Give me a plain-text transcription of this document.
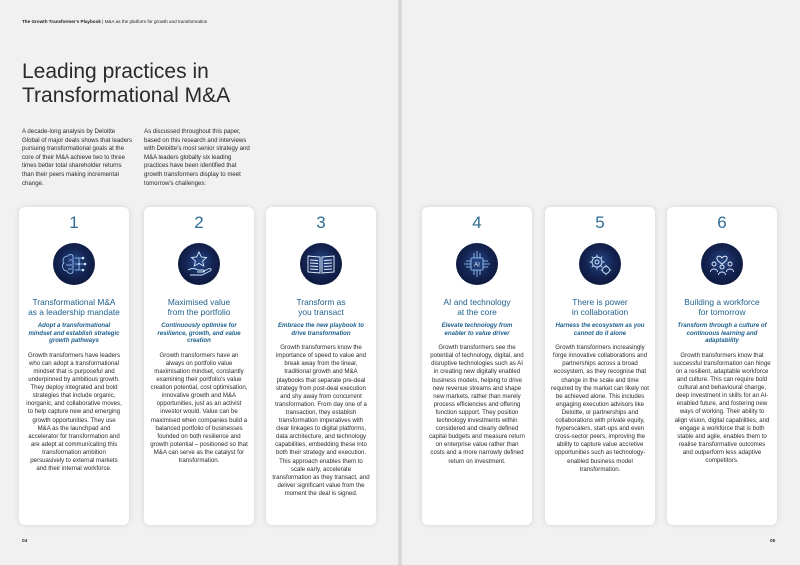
The Growth Transformer's Playbook | M&A as the platform for growth and transformation
Leading practices in
Transformational M&A

A decade-long analysis by Deloitte Global of major deals shows that leaders pursuing transformational goals at the core of their M&A achieve two to three times better total shareholder returns than their peers making incremental change.

As discussed throughout this paper, based on this research and interviews with Deloitte's most senior strategy and M&A leaders globally six leading practices have been identified that growth transformers display to meet tomorrow's challenges:

1
Transformational M&A
as a leadership mandate
Adopt a transformational mindset and establish strategic growth pathways
Growth transformers have leaders who can adopt a transformational mindset that is purposeful and underpinned by ambitious growth. They deploy integrated and bold strategies that include organic, inorganic, and collaborative moves, to help capture new and emerging growth opportunities. They use M&A as the launchpad and accelerator for transformation and are adept at communicating this transformation ambition persuasively to external markets and their internal workforce.
2
Maximised value
from the portfolio
Continuously optimise for resilience, growth, and value creation
Growth transformers have an always on portfolio value maximisation mindset, constantly examining their portfolio's value creation potential, cost optimisation, innovative growth and M&A opportunities, just as an activist investor would. Value can be maximised when companies build a balanced portfolio of businesses founded on both resilience and growth potential – positioned so that M&A can serve as the catalyst for transformation.
3
Transform as
you transact
Embrace the new playbook to drive transformation
Growth transformers know the importance of speed to value and break away from the linear, traditional growth and M&A playbooks that separate pre-deal strategy from post-deal execution and shy away from concurrent transformation. From day one of a transaction, they establish transformation imperatives with clear linkages to digital platforms, data architecture, and technology capabilities, embedding these into both their strategy and execution. This approach enables them to scale early, accelerate transformation as they transact, and deliver significant value from the moment the deal is signed.
04
4
AI
AI and technology
at the core
Elevate technology from enabler to value driver
Growth transformers see the potential of technology, digital, and disruptive technologies such as AI in creating new digitally enabled business models, helping to drive new revenue streams and shape new markets, rather than merely process efficiencies and offering function support. They position technology investments within considered and clearly defined capital budgets and measure return on enterprise value rather than costs and a more narrowly defined return on investment.
5
There is power
in collaboration
Harness the ecosystem as you cannot do it alone
Growth transformers increasingly forge innovative collaborations and partnerships across a broad ecosystem, as they recognise that change in the scale and time required by the market can likely not be achieved alone. This includes engaging execution advisors like Deloitte, or partnerships and collaborations with private equity, hyperscalers, start-ups and even cross-sector peers, improving the ability to capture value accretive opportunities such as technology-enabled business model transformation.
6
Building a workforce
for tomorrow
Transform through a culture of continuous learning and adaptability
Growth transformers know that successful transformation can hinge on a resilient, adaptable workforce and culture. This can require bold cultural and behavioural change, deep investment in skills for an AI-enabled future, and fostering new ways of working. Their ability to align vision, digital capabilities, and engage a workforce that is both stable and agile, enables them to realise transformative outcomes and outperform less adaptive competitors.
05
